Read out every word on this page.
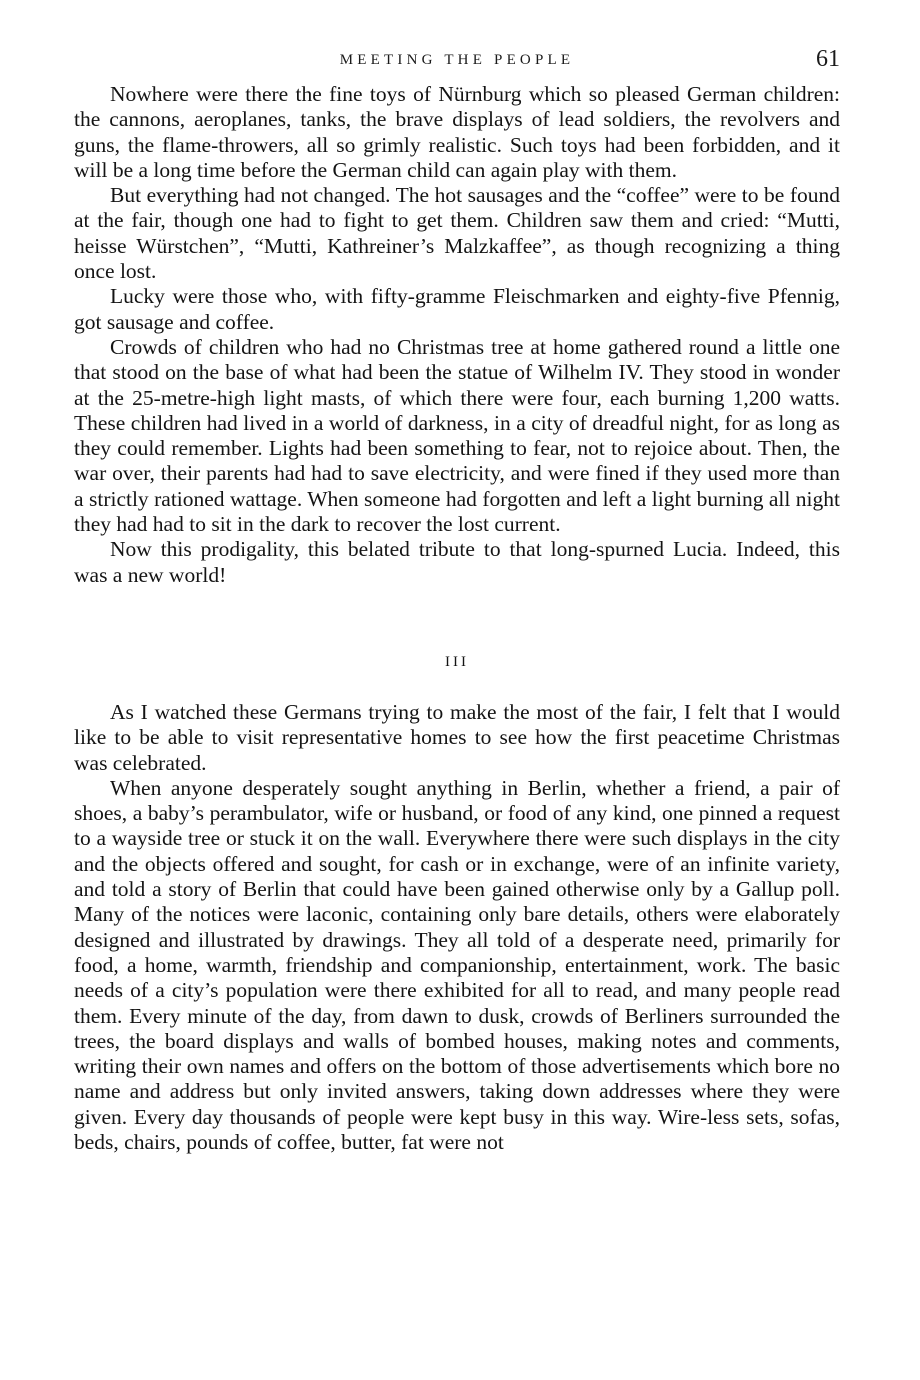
MEETING THE PEOPLE	61

Nowhere were there the fine toys of Nürnburg which so pleased German children: the cannons, aeroplanes, tanks, the brave displays of lead soldiers, the revolvers and guns, the flame-throwers, all so grimly realistic. Such toys had been forbidden, and it will be a long time before the German child can again play with them.

But everything had not changed. The hot sausages and the “coffee” were to be found at the fair, though one had to fight to get them. Children saw them and cried: “Mutti, heisse Würstchen”, “Mutti, Kathreiner’s Malzkaffee”, as though recognizing a thing once lost.

Lucky were those who, with fifty-gramme Fleischmarken and eighty-five Pfennig, got sausage and coffee.

Crowds of children who had no Christmas tree at home gathered round a little one that stood on the base of what had been the statue of Wilhelm IV. They stood in wonder at the 25-metre-high light masts, of which there were four, each burning 1,200 watts. These children had lived in a world of darkness, in a city of dreadful night, for as long as they could remember. Lights had been something to fear, not to rejoice about. Then, the war over, their parents had had to save electricity, and were fined if they used more than a strictly rationed wattage. When someone had forgotten and left a light burning all night they had had to sit in the dark to recover the lost current.

Now this prodigality, this belated tribute to that long-spurned Lucia. Indeed, this was a new world!

III

As I watched these Germans trying to make the most of the fair, I felt that I would like to be able to visit representative homes to see how the first peacetime Christmas was celebrated.

When anyone desperately sought anything in Berlin, whether a friend, a pair of shoes, a baby’s perambulator, wife or husband, or food of any kind, one pinned a request to a wayside tree or stuck it on the wall. Everywhere there were such displays in the city and the objects offered and sought, for cash or in exchange, were of an infinite variety, and told a story of Berlin that could have been gained otherwise only by a Gallup poll. Many of the notices were laconic, containing only bare details, others were elaborately designed and illustrated by drawings. They all told of a desperate need, primarily for food, a home, warmth, friendship and companionship, entertainment, work. The basic needs of a city’s population were there exhibited for all to read, and many people read them. Every minute of the day, from dawn to dusk, crowds of Berliners surrounded the trees, the board displays and walls of bombed houses, making notes and comments, writing their own names and offers on the bottom of those advertisements which bore no name and address but only invited answers, taking down addresses where they were given. Every day thousands of people were kept busy in this way. Wire-less sets, sofas, beds, chairs, pounds of coffee, butter, fat were not
